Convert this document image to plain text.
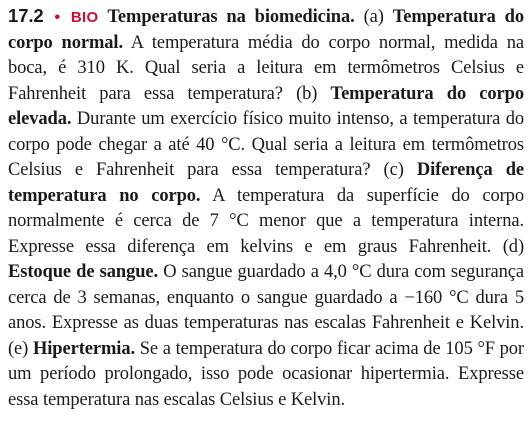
17.2 • BIO Temperaturas na biomedicina. (a) Temperatura do corpo normal. A temperatura média do corpo normal, medida na boca, é 310 K. Qual seria a leitura em termômetros Celsius e Fahrenheit para essa temperatura? (b) Temperatura do corpo elevada. Durante um exercício físico muito intenso, a temperatura do corpo pode chegar a até 40 °C. Qual seria a leitura em termômetros Celsius e Fahrenheit para essa temperatura? (c) Diferença de temperatura no corpo. A temperatura da superfície do corpo normalmente é cerca de 7 °C menor que a temperatura interna. Expresse essa diferença em kelvins e em graus Fahrenheit. (d) Estoque de sangue. O sangue guardado a 4,0 °C dura com segurança cerca de 3 semanas, enquanto o sangue guardado a −160 °C dura 5 anos. Expresse as duas temperaturas nas escalas Fahrenheit e Kelvin. (e) Hipertermia. Se a temperatura do corpo ficar acima de 105 °F por um período prolongado, isso pode ocasionar hipertermia. Expresse essa temperatura nas escalas Celsius e Kelvin.
